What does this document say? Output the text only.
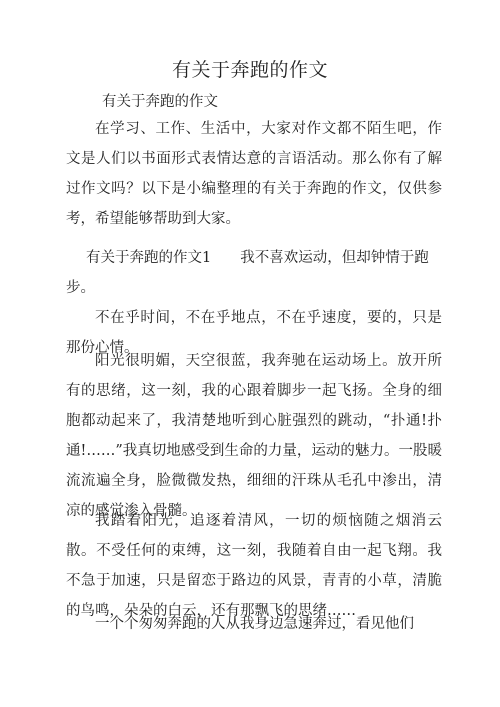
有关于奔跑的作文
有关于奔跑的作文

在学习、工作、生活中，大家对作文都不陌生吧，作文是人们以书面形式表情达意的言语活动。那么你有了解过作文吗？以下是小编整理的有关于奔跑的作文，仅供参考，希望能够帮助到大家。

有关于奔跑的作文1　　我不喜欢运动，但却钟情于跑

步。

不在乎时间，不在乎地点，不在乎速度，要的，只是那份心情。

阳光很明媚，天空很蓝，我奔驰在运动场上。放开所有的思绪，这一刻，我的心跟着脚步一起飞扬。全身的细胞都动起来了，我清楚地听到心脏强烈的跳动，“扑通!扑通!……”我真切地感受到生命的力量，运动的魅力。一股暖流流遍全身，脸微微发热，细细的汗珠从毛孔中渗出，清凉的感觉渗入骨髓。

我踏着阳光，追逐着清风，一切的烦恼随之烟消云散。不受任何的束缚，这一刻，我随着自由一起飞翔。我不急于加速，只是留恋于路边的风景，青青的小草，清脆的鸟鸣，朵朵的白云，还有那飘飞的思绪……

一个个匆匆奔跑的人从我身边急速奔过，看见他们
